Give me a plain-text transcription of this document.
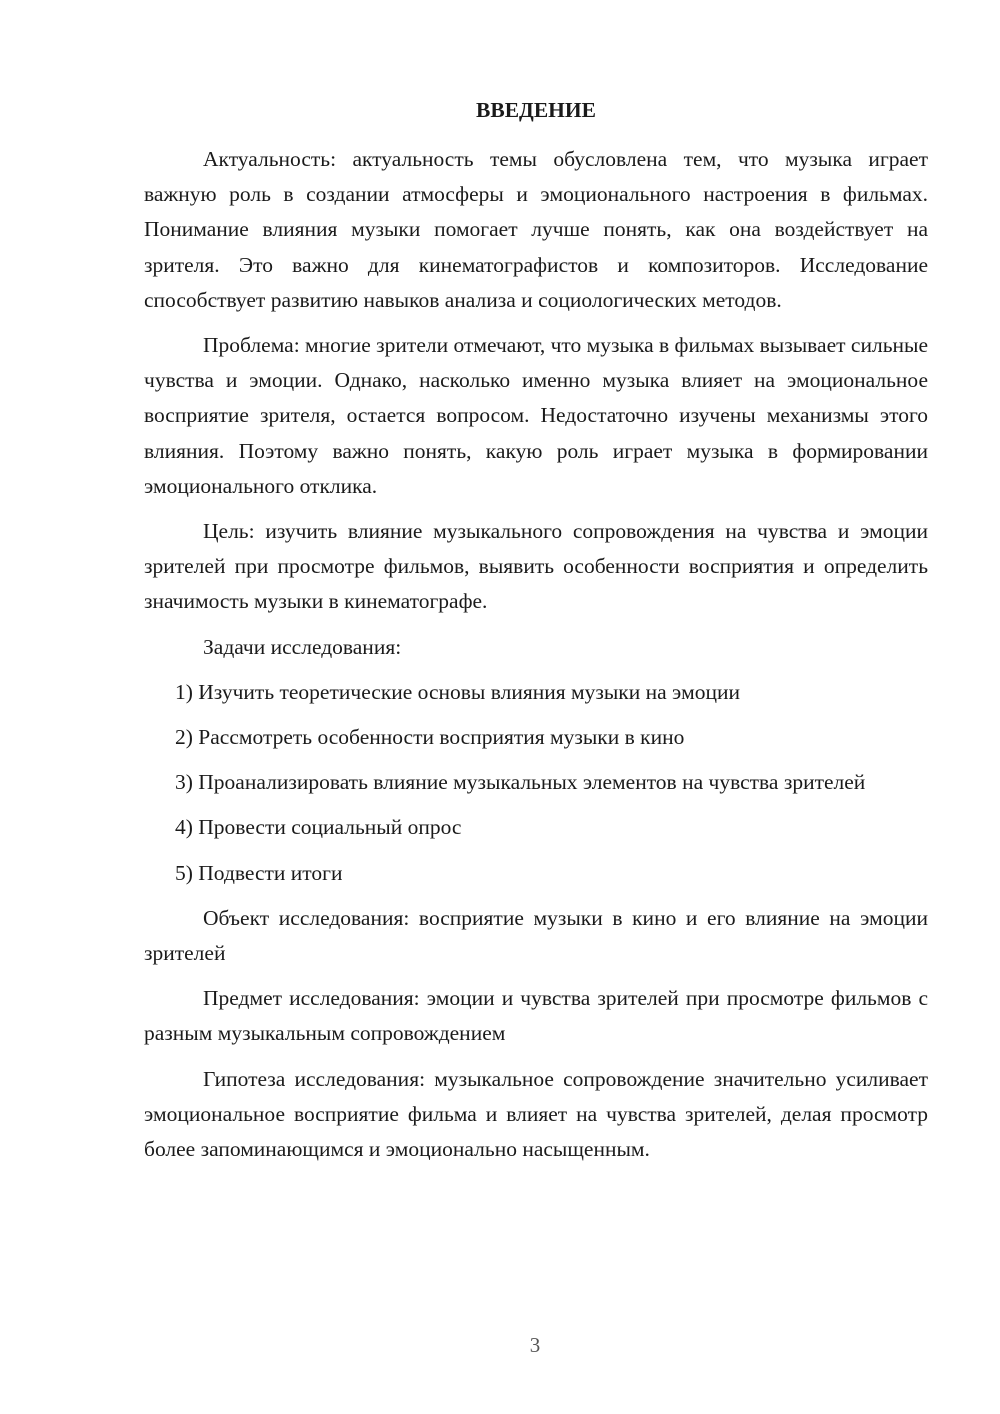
ВВЕДЕНИЕ

Актуальность: актуальность темы обусловлена тем, что музыка играет важную роль в создании атмосферы и эмоционального настроения в фильмах. Понимание влияния музыки помогает лучше понять, как она воздействует на зрителя. Это важно для кинематографистов и композиторов. Исследование способствует развитию навыков анализа и социологических методов.

Проблема: многие зрители отмечают, что музыка в фильмах вызывает сильные чувства и эмоции. Однако, насколько именно музыка влияет на эмоциональное восприятие зрителя, остается вопросом. Недостаточно изучены механизмы этого влияния. Поэтому важно понять, какую роль играет музыка в формировании эмоционального отклика.

Цель: изучить влияние музыкального сопровождения на чувства и эмоции зрителей при просмотре фильмов, выявить особенности восприятия и определить значимость музыки в кинематографе.

Задачи исследования:

1) Изучить теоретические основы влияния музыки на эмоции

2) Рассмотреть особенности восприятия музыки в кино

3) Проанализировать влияние музыкальных элементов на чувства зрителей

4) Провести социальный опрос

5) Подвести итоги

Объект исследования: восприятие музыки в кино и его влияние на эмоции зрителей

Предмет исследования: эмоции и чувства зрителей при просмотре фильмов с разным музыкальным сопровождением

Гипотеза исследования: музыкальное сопровождение значительно усиливает эмоциональное восприятие фильма и влияет на чувства зрителей, делая просмотр более запоминающимся и эмоционально насыщенным.

3
